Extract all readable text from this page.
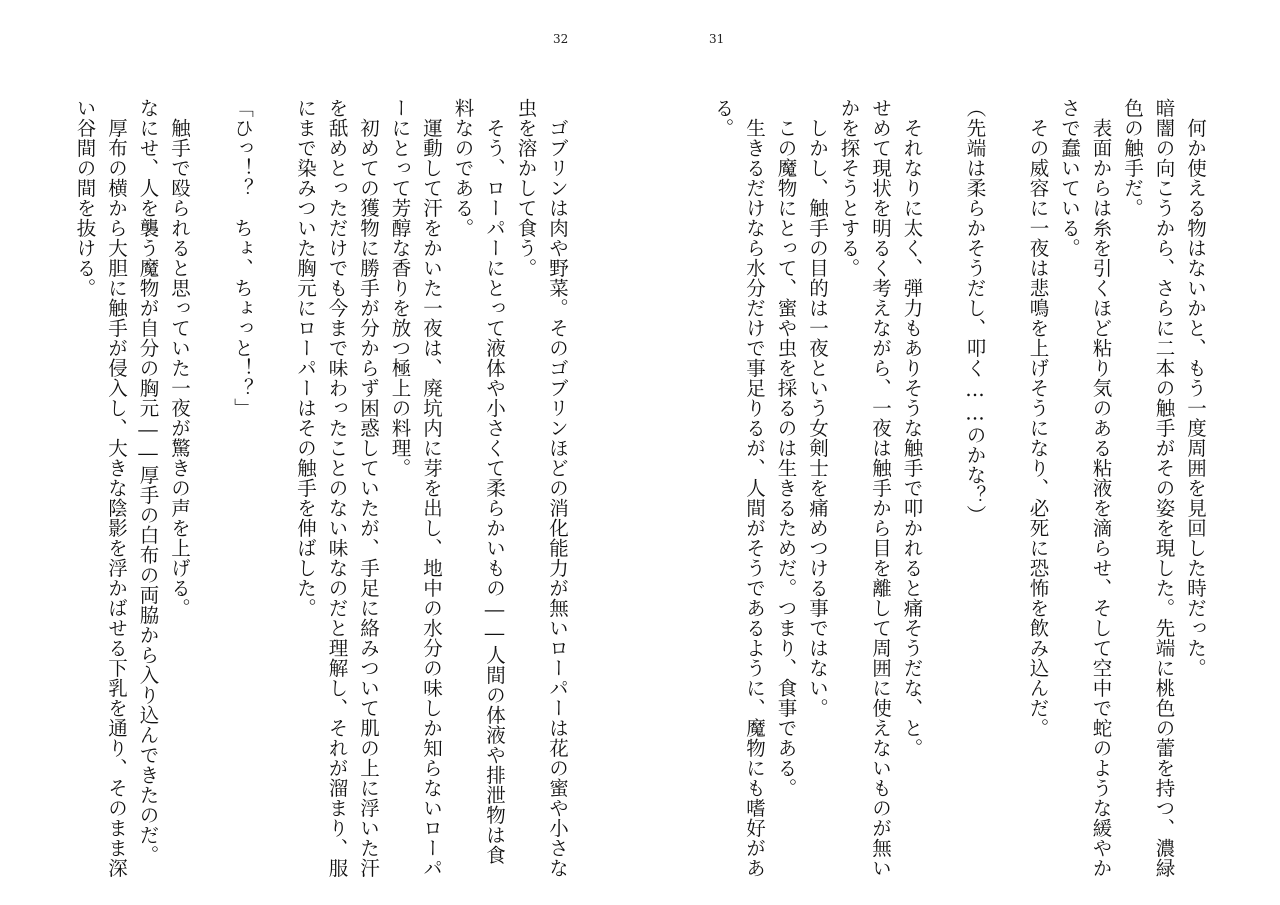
32	31

何か使える物はないかと、もう一度周囲を見回した時だった。

暗闇の向こうから、さらに二本の触手がその姿を現した。先端に桃色の蕾を持つ、濃緑色の触手だ。

表面からは糸を引くほど粘り気のある粘液を滴らせ、そして空中で蛇のような緩やかさで蠢いている。

その威容に一夜は悲鳴を上げそうになり、必死に恐怖を飲み込んだ。

（先端は柔らかそうだし、叩く……のかな？）

それなりに太く、弾力もありそうな触手で叩かれると痛そうだな、と。

せめて現状を明るく考えながら、一夜は触手から目を離して周囲に使えないものが無いかを探そうとする。

しかし、触手の目的は一夜という女剣士を痛めつける事ではない。

この魔物にとって、蜜や虫を採るのは生きるためだ。つまり、食事である。

生きるだけなら水分だけで事足りるが、人間がそうであるように、魔物にも嗜好がある。

ゴブリンは肉や野菜。そのゴブリンほどの消化能力が無いローパーは花の蜜や小さな虫を溶かして食う。

そう、ローパーにとって液体や小さくて柔らかいもの――人間の体液や排泄物は食料なのである。

運動して汗をかいた一夜は、廃坑内に芽を出し、地中の水分の味しか知らないローパーにとって芳醇な香りを放つ極上の料理。

初めての獲物に勝手が分からず困惑していたが、手足に絡みついて肌の上に浮いた汗を舐めとっただけでも今まで味わったことのない味なのだと理解し、それが溜まり、服にまで染みついた胸元にローパーはその触手を伸ばした。

「ひっ！？　ちょ、ちょっと！？」

触手で殴られると思っていた一夜が驚きの声を上げる。

なにせ、人を襲う魔物が自分の胸元――厚手の白布の両脇から入り込んできたのだ。

厚布の横から大胆に触手が侵入し、大きな陰影を浮かばせる下乳を通り、そのまま深い谷間の間を抜ける。
